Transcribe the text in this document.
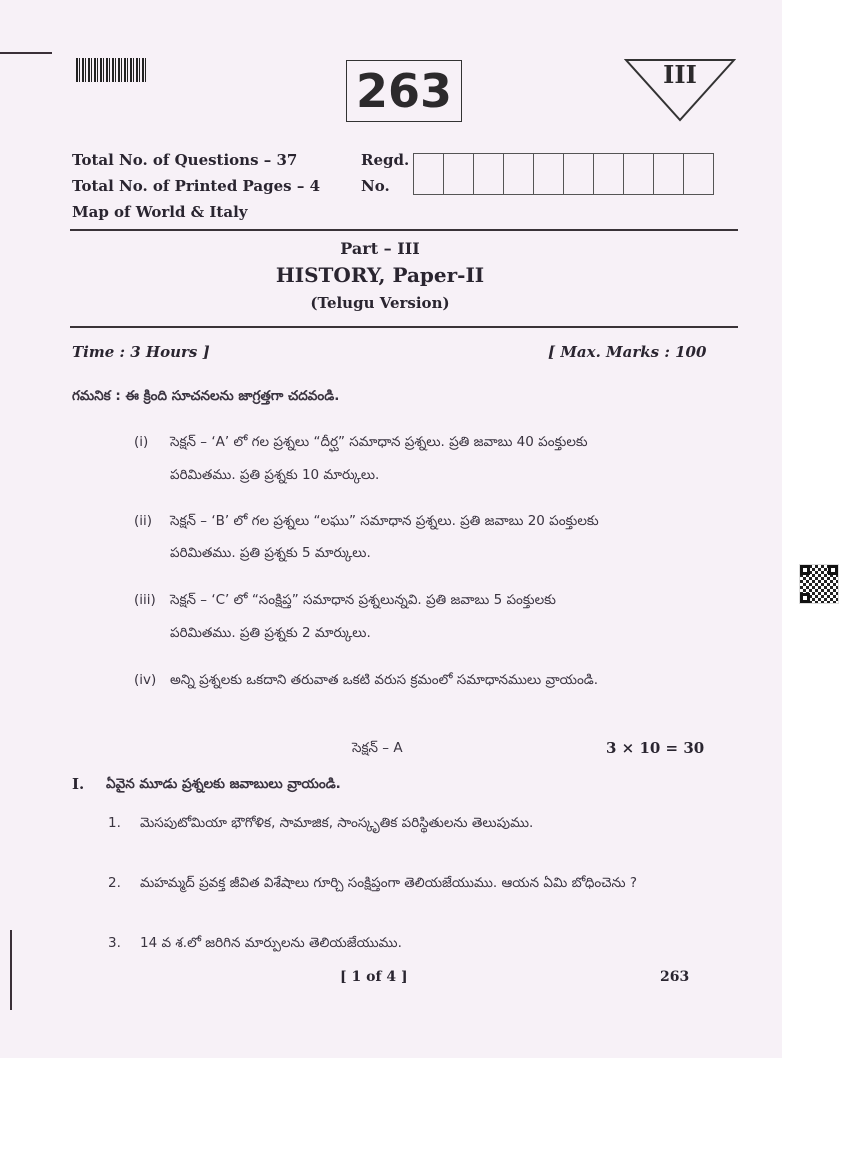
263	III
Total No. of Questions – 37
Total No. of Printed Pages – 4
Map of World & Italy
Regd.
No.
Part – III
HISTORY, Paper-II
(Telugu Version)
Time : 3 Hours ]	[ Max. Marks : 100
గమనిక : ఈ క్రింది సూచనలను జాగ్రత్తగా చదవండి.
(i) సెక్షన్ – ‘A’ లో గల ప్రశ్నలు “దీర్ఘ” సమాధాన ప్రశ్నలు. ప్రతి జవాబు 40 పంక్తులకు
పరిమితము. ప్రతి ప్రశ్నకు 10 మార్కులు.
(ii) సెక్షన్ – ‘B’ లో గల ప్రశ్నలు “లఘు” సమాధాన ప్రశ్నలు. ప్రతి జవాబు 20 పంక్తులకు
పరిమితము. ప్రతి ప్రశ్నకు 5 మార్కులు.
(iii) సెక్షన్ – ‘C’ లో “సంక్షిప్త” సమాధాన ప్రశ్నలున్నవి. ప్రతి జవాబు 5 పంక్తులకు
పరిమితము. ప్రతి ప్రశ్నకు 2 మార్కులు.
(iv) అన్ని ప్రశ్నలకు ఒకదాని తరువాత ఒకటి వరుస క్రమంలో సమాధానములు వ్రాయండి.
సెక్షన్ – A	3 × 10 = 30
I. ఏవైన మూడు ప్రశ్నలకు జవాబులు వ్రాయండి.
1. మెసపుటోమియా భౌగోళిక, సామాజిక, సాంస్కృతిక పరిస్థితులను తెలుపుము.
2. మహమ్మద్ ప్రవక్త జీవిత విశేషాలు గూర్చి సంక్షిప్తంగా తెలియజేయుము. ఆయన ఏమి బోధించెను ?
3. 14 వ శ.లో జరిగిన మార్పులను తెలియజేయుము.
[ 1 of 4 ]	263
